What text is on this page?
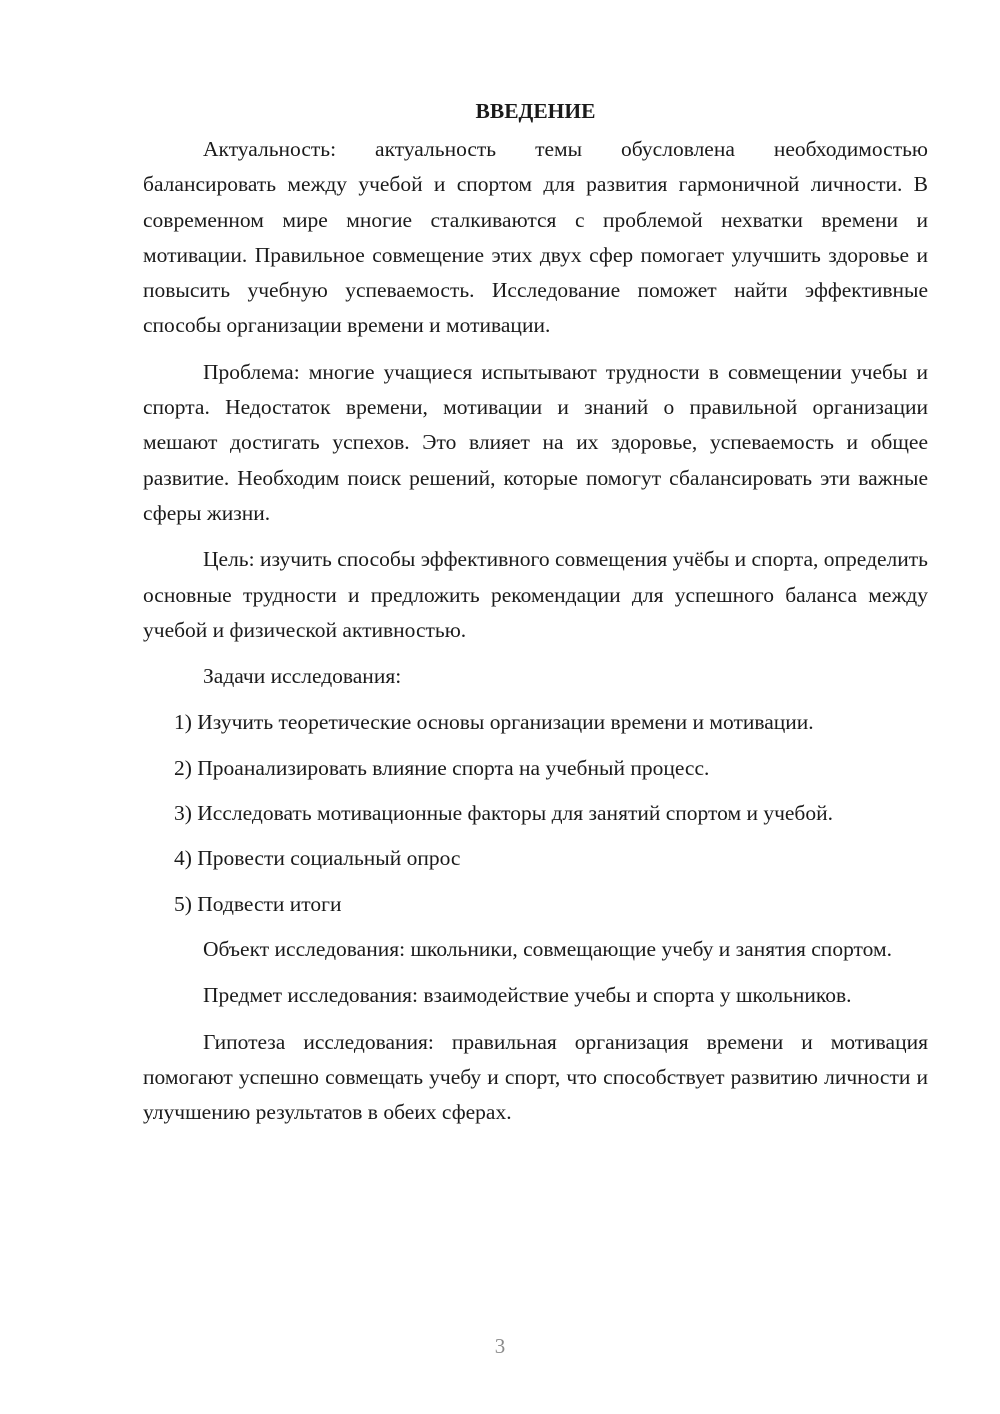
ВВЕДЕНИЕ

Актуальность: актуальность темы обусловлена необходимостью балансировать между учебой и спортом для развития гармоничной личности. В современном мире многие сталкиваются с проблемой нехватки времени и мотивации. Правильное совмещение этих двух сфер помогает улучшить здоровье и повысить учебную успеваемость. Исследование поможет найти эффективные способы организации времени и мотивации.

Проблема: многие учащиеся испытывают трудности в совмещении учебы и спорта. Недостаток времени, мотивации и знаний о правильной организации мешают достигать успехов. Это влияет на их здоровье, успеваемость и общее развитие. Необходим поиск решений, которые помогут сбалансировать эти важные сферы жизни.

Цель: изучить способы эффективного совмещения учёбы и спорта, определить основные трудности и предложить рекомендации для успешного баланса между учебой и физической активностью.

Задачи исследования:

1) Изучить теоретические основы организации времени и мотивации.

2) Проанализировать влияние спорта на учебный процесс.

3) Исследовать мотивационные факторы для занятий спортом и учебой.

4) Провести социальный опрос

5) Подвести итоги

Объект исследования: школьники, совмещающие учебу и занятия спортом.

Предмет исследования: взаимодействие учебы и спорта у школьников.

Гипотеза исследования: правильная организация времени и мотивация помогают успешно совмещать учебу и спорт, что способствует развитию личности и улучшению результатов в обеих сферах.

3
